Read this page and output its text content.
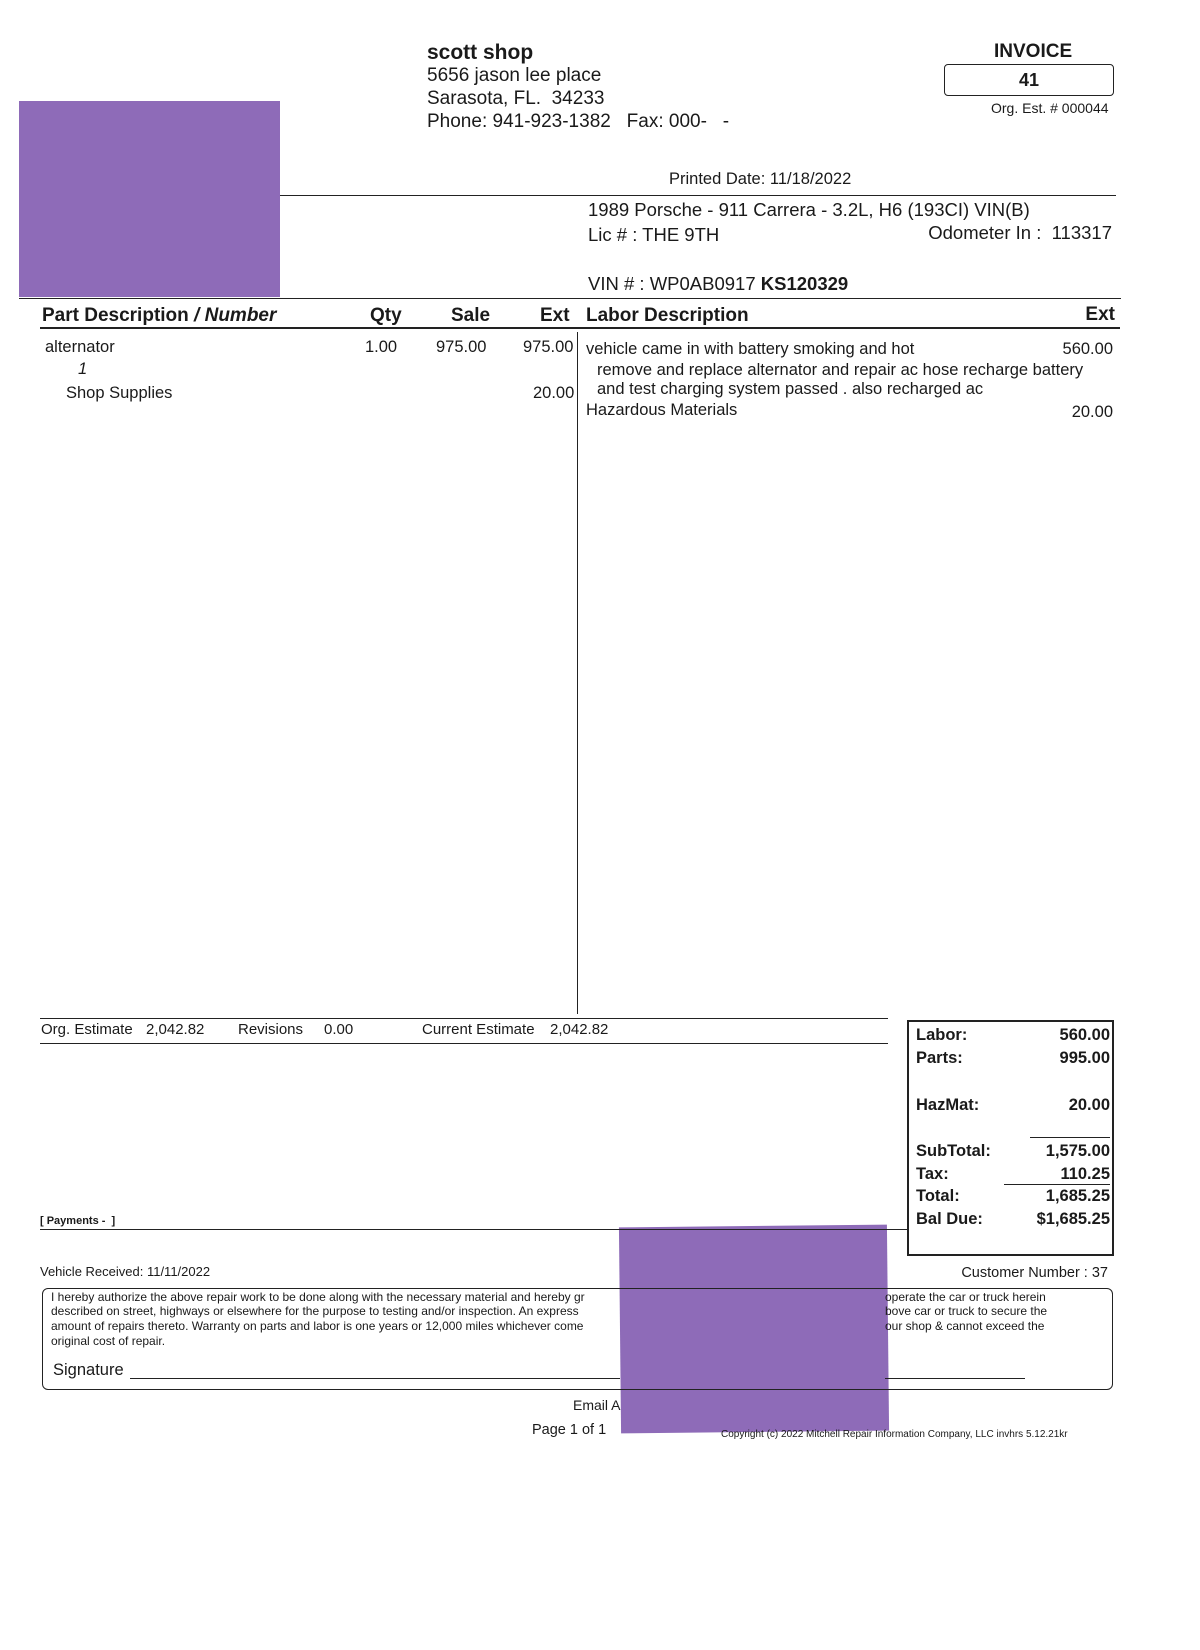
scott shop
5656 jason lee place
Sarasota, FL.  34233
Phone: 941-923-1382   Fax: 000-   -
INVOICE
41
Org. Est. # 000044
Printed Date: 11/18/2022
1989 Porsche - 911 Carrera - 3.2L, H6 (193CI) VIN(B)
Lic # : THE 9TH	Odometer In :  113317
VIN # : WP0AB0917 KS120329
Part Description / Number	Qty	Sale	Ext Labor Description	Ext
alternator	1.00 975.00 975.00
1
Shop Supplies	20.00
vehicle came in with battery smoking and hot	560.00
remove and replace alternator and repair ac hose recharge battery
and test charging system passed . also recharged ac
Hazardous Materials	20.00
Org. Estimate 2,042.82 Revisions 0.00	Current Estimate 2,042.82	Labor:	560.00
Parts:	995.00
HazMat:	20.00
SubTotal:	1,575.00
Tax:	110.25
Total:	1,685.25
Bal Due:	$1,685.25
[ Payments -  ]
Vehicle Received: 11/11/2022	Customer Number : 37
I hereby authorize the above repair work to be done along with the necessary material and hereby gr
described on street, highways or elsewhere for the purpose to testing and/or inspection. An express
amount of repairs thereto. Warranty on parts and labor is one years or 12,000 miles whichever come
original cost of repair.
operate the car or truck herein
bove car or truck to secure the
our shop & cannot exceed the
Signature
Email A
Page 1 of 1	Copyright (c) 2022 Mitchell Repair Information Company, LLC invhrs 5.12.21kr
